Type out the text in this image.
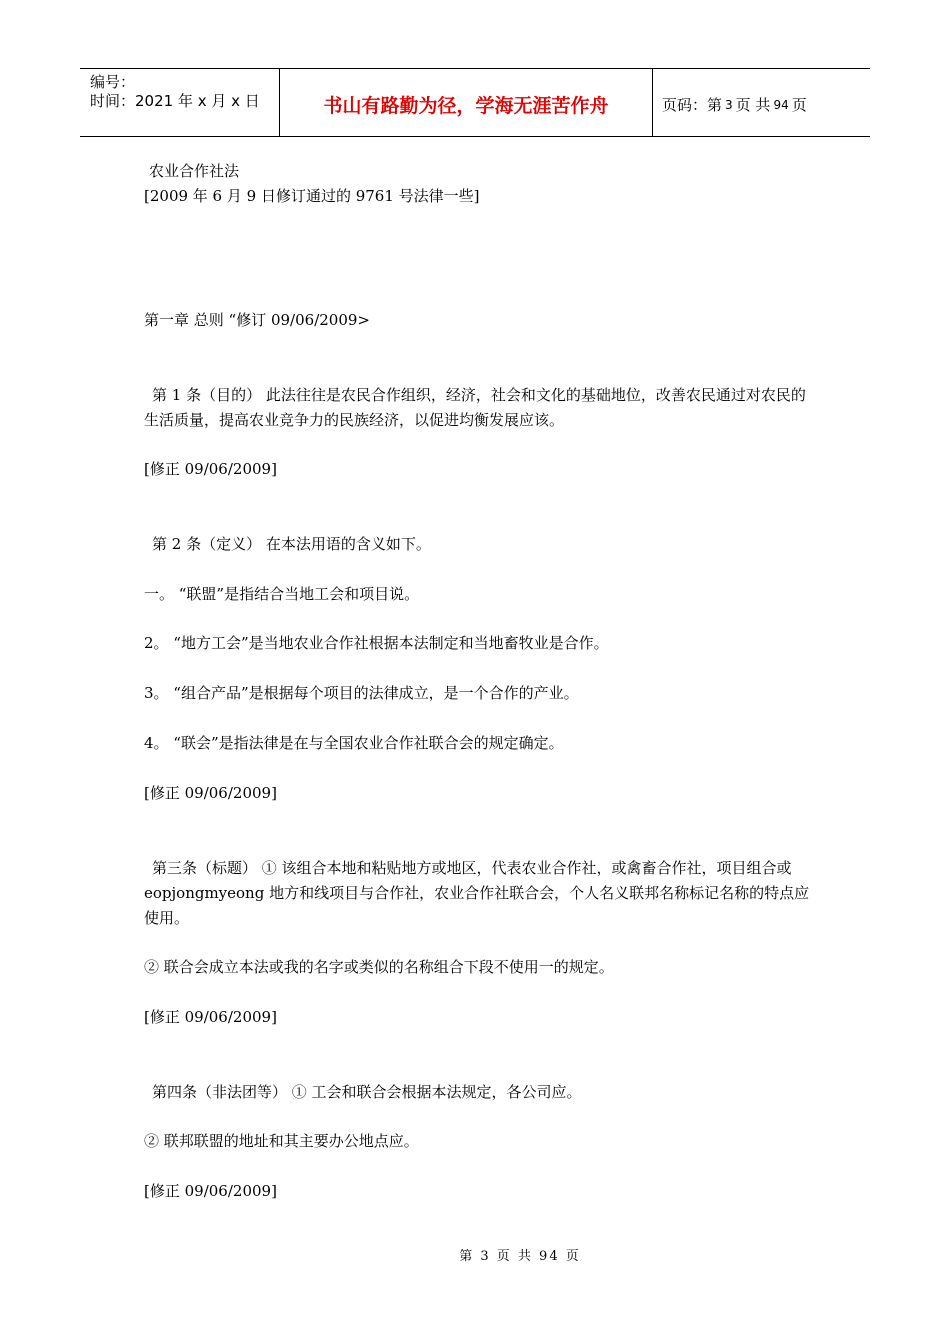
编号：
时间：2021 年 x 月 x 日	书山有路勤为径，学海无涯苦作舟	页码：第 3 页 共 94 页
农业合作社法
[2009 年 6 月 9 日修订通过的 9761 号法律一些]
第一章 总则 “修订 09/06/2009>
第 1 条（目的） 此法往往是农民合作组织，经济，社会和文化的基础地位，改善农民通过对农民的生活质量，提高农业竞争力的民族经济，以促进均衡发展应该。
[修正 09/06/2009]
第 2 条（定义） 在本法用语的含义如下。
一。 “联盟”是指结合当地工会和项目说。
2。 “地方工会”是当地农业合作社根据本法制定和当地畜牧业是合作。
3。 “组合产品”是根据每个项目的法律成立，是一个合作的产业。
4。 “联会”是指法律是在与全国农业合作社联合会的规定确定。
[修正 09/06/2009]
第三条（标题） ① 该组合本地和粘贴地方或地区，代表农业合作社，或禽畜合作社，项目组合或 eopjongmyeong 地方和线项目与合作社，农业合作社联合会，个人名义联邦名称标记名称的特点应使用。
② 联合会成立本法或我的名字或类似的名称组合下段不使用一的规定。
[修正 09/06/2009]
第四条（非法团等） ① 工会和联合会根据本法规定，各公司应。
② 联邦联盟的地址和其主要办公地点应。
[修正 09/06/2009]
第 3 页 共 94 页
